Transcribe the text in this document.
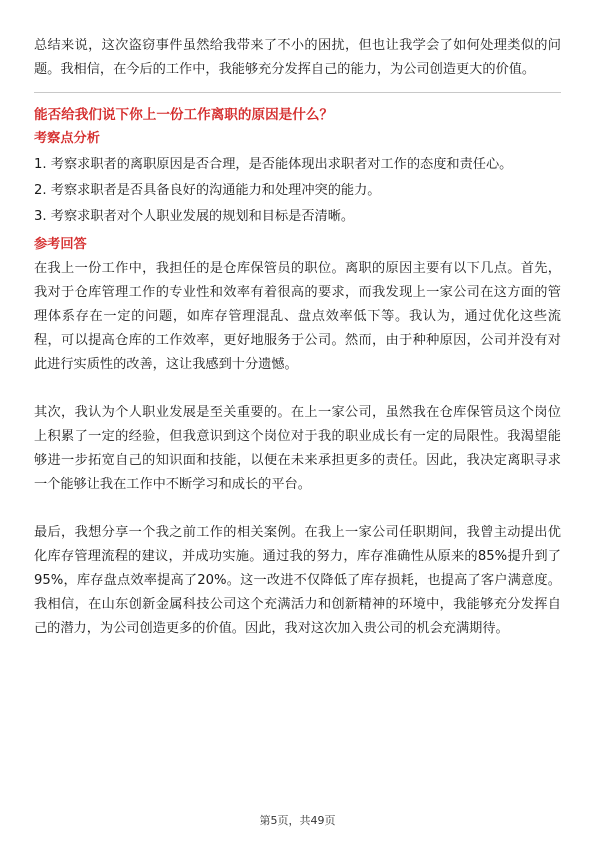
总结来说，这次盗窃事件虽然给我带来了不小的困扰，但也让我学会了如何处理类似的问题。我相信，在今后的工作中，我能够充分发挥自己的能力，为公司创造更大的价值。

能否给我们说下你上一份工作离职的原因是什么？
考察点分析
1. 考察求职者的离职原因是否合理，是否能体现出求职者对工作的态度和责任心。
2. 考察求职者是否具备良好的沟通能力和处理冲突的能力。
3. 考察求职者对个人职业发展的规划和目标是否清晰。
参考回答

在我上一份工作中，我担任的是仓库保管员的职位。离职的原因主要有以下几点。首先，我对于仓库管理工作的专业性和效率有着很高的要求，而我发现上一家公司在这方面的管理体系存在一定的问题，如库存管理混乱、盘点效率低下等。我认为，通过优化这些流程，可以提高仓库的工作效率，更好地服务于公司。然而，由于种种原因，公司并没有对此进行实质性的改善，这让我感到十分遗憾。

其次，我认为个人职业发展是至关重要的。在上一家公司，虽然我在仓库保管员这个岗位上积累了一定的经验，但我意识到这个岗位对于我的职业成长有一定的局限性。我渴望能够进一步拓宽自己的知识面和技能，以便在未来承担更多的责任。因此，我决定离职寻求一个能够让我在工作中不断学习和成长的平台。

最后，我想分享一个我之前工作的相关案例。在我上一家公司任职期间，我曾主动提出优化库存管理流程的建议，并成功实施。通过我的努力，库存准确性从原来的85%提升到了95%，库存盘点效率提高了20%。这一改进不仅降低了库存损耗，也提高了客户满意度。我相信，在山东创新金属科技公司这个充满活力和创新精神的环境中，我能够充分发挥自己的潜力，为公司创造更多的价值。因此，我对这次加入贵公司的机会充满期待。

第5页，共49页
